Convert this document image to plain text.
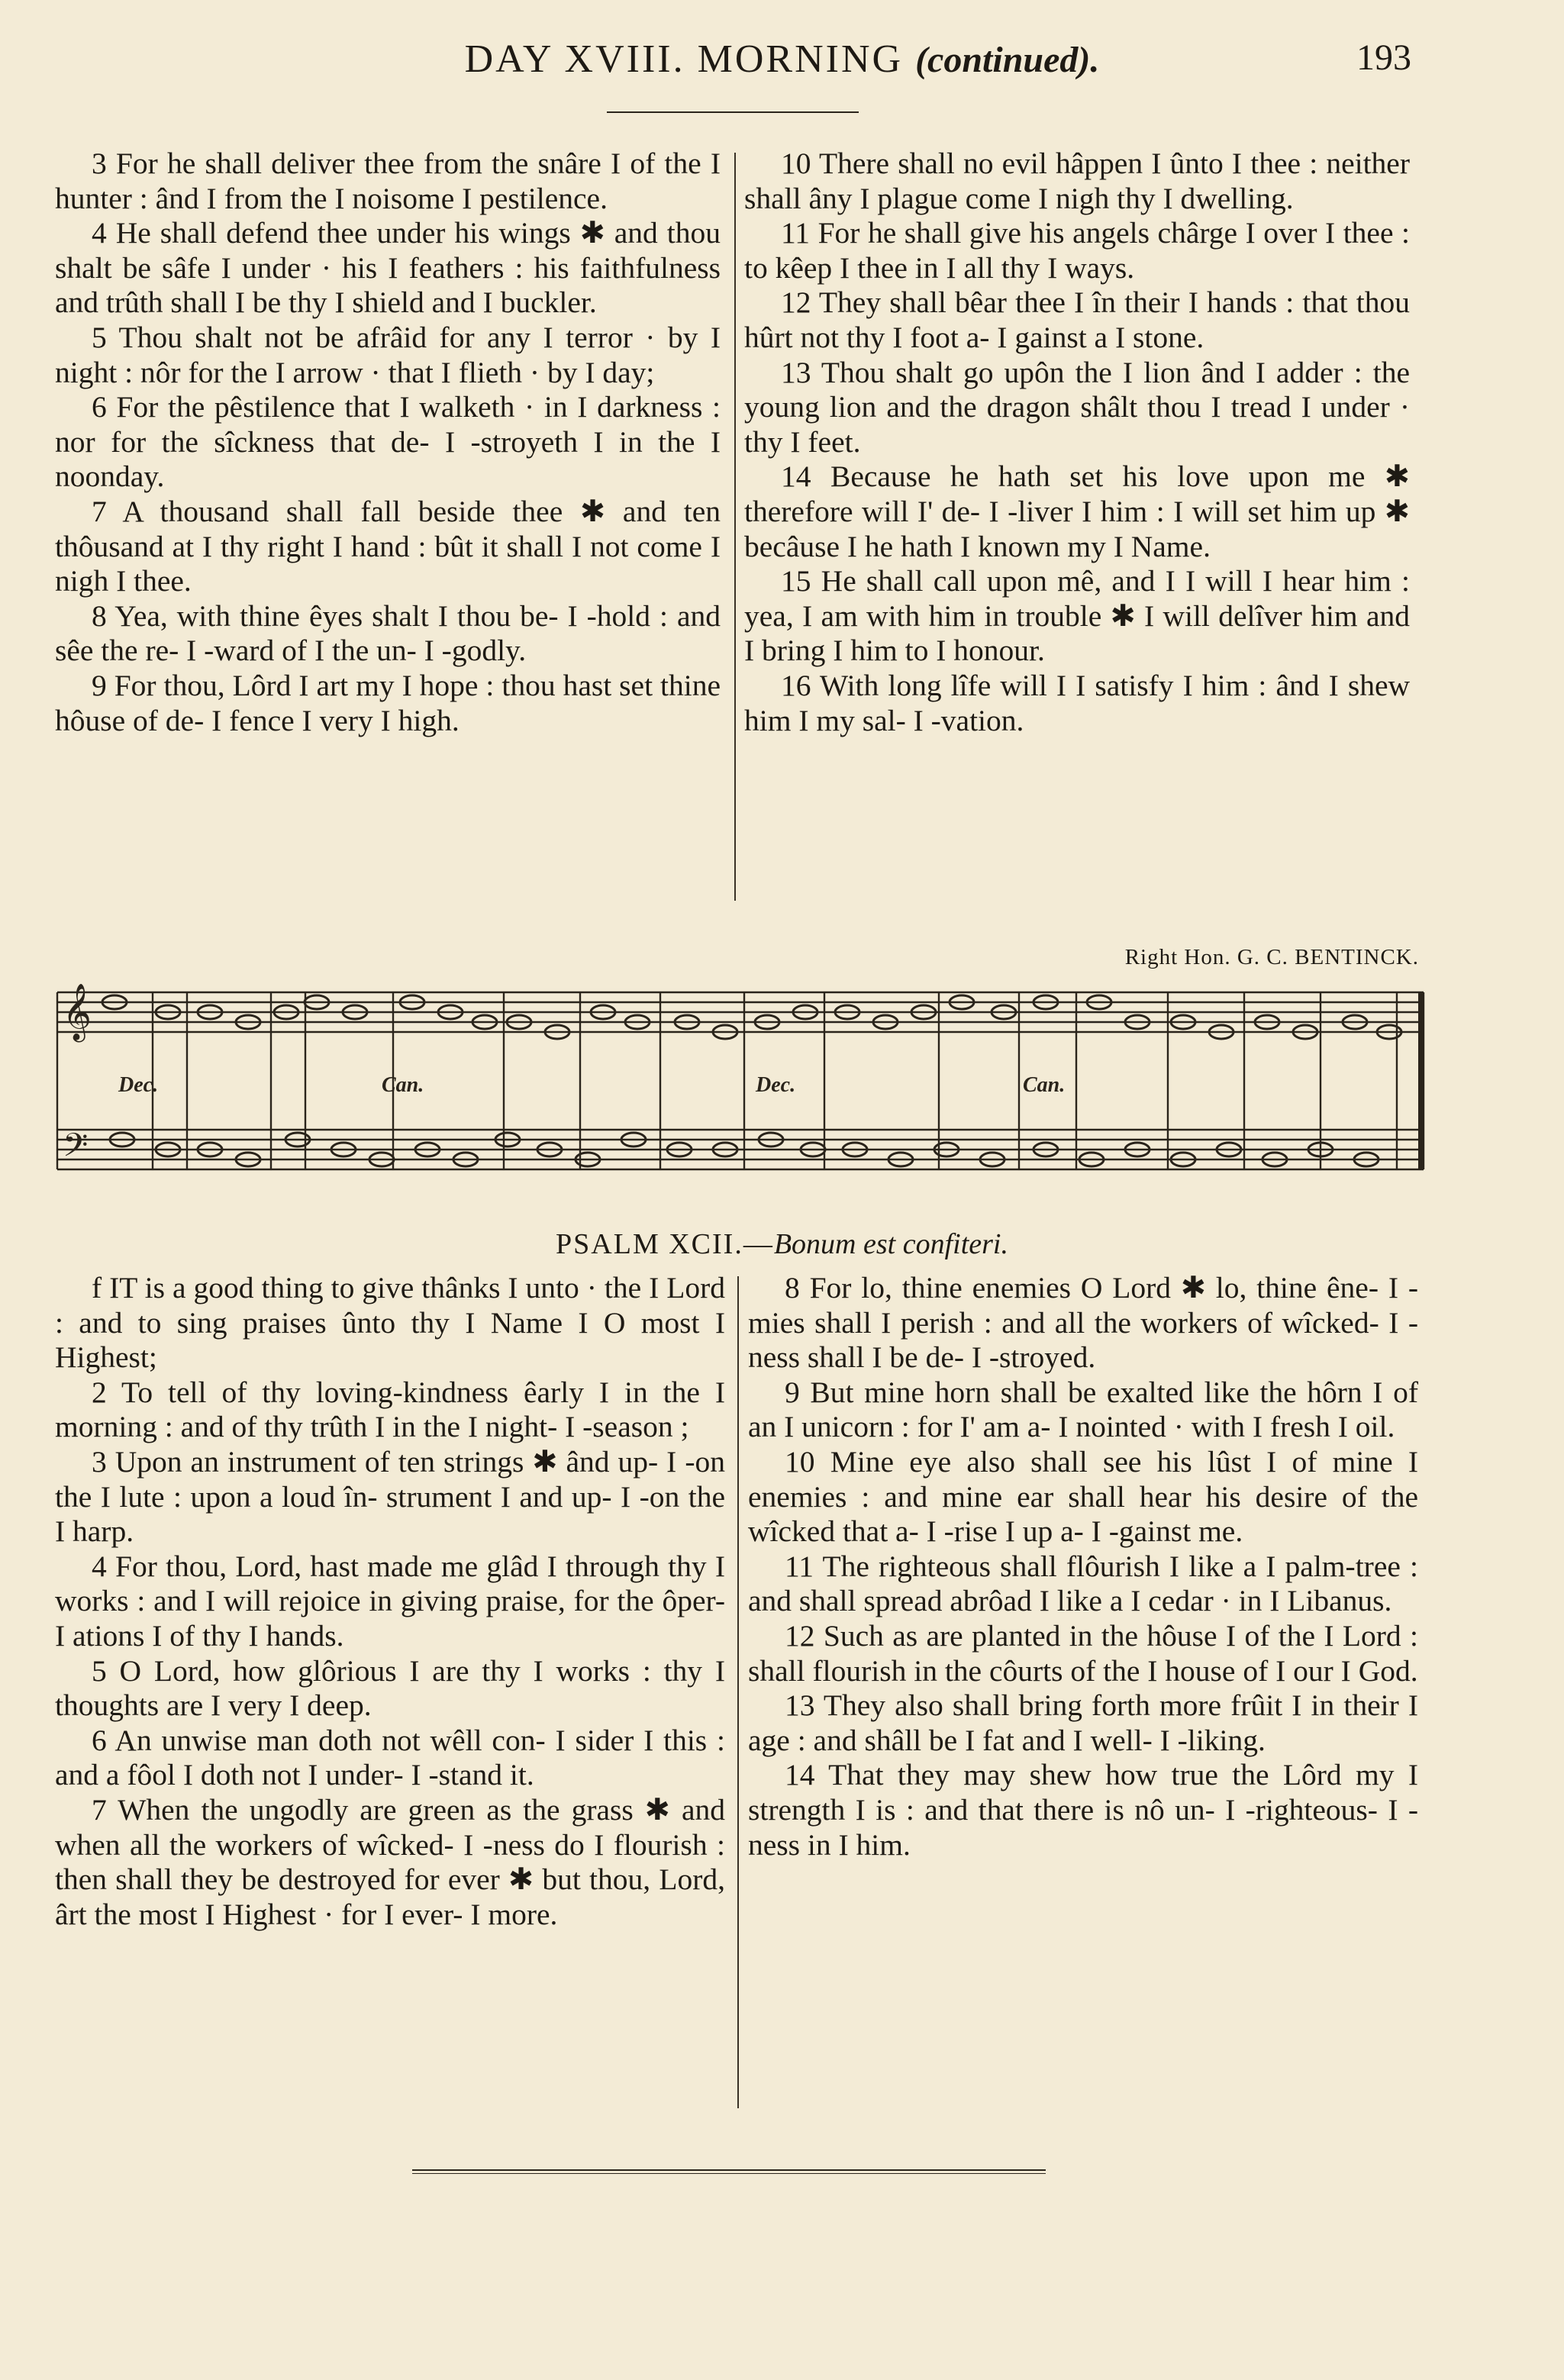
DAY XVIII. MORNING (continued).	193

3 For he shall deliver thee from the snâre I of the I hunter : ând I from the I noisome I pestilence.

4 He shall defend thee under his wings ✱ and thou shalt be sâfe I under · his I feathers : his faithfulness and trûth shall I be thy I shield and I buckler.

5 Thou shalt not be afrâid for any I terror · by I night : nôr for the I arrow · that I flieth · by I day;

6 For the pêstilence that I walketh · in I darkness : nor for the sîckness that de- I -stroyeth I in the I noonday.

7 A thousand shall fall beside thee ✱ and ten thôusand at I thy right I hand : bût it shall I not come I nigh I thee.

8 Yea, with thine êyes shalt I thou be- I -hold : and sêe the re- I -ward of I the un- I -godly.

9 For thou, Lôrd I art my I hope : thou hast set thine hôuse of de- I fence I very I high.

10 There shall no evil hâppen I ûnto I thee : neither shall âny I plague come I nigh thy I dwelling.

11 For he shall give his angels chârge I over I thee : to kêep I thee in I all thy I ways.

12 They shall bêar thee I în their I hands : that thou hûrt not thy I foot a- I gainst a I stone.

13 Thou shalt go upôn the I lion ând I adder : the young lion and the dragon shâlt thou I tread I under · thy I feet.

14 Because he hath set his love upon me ✱ therefore will I' de- I -liver I him : I will set him up ✱ becâuse I he hath I known my I Name.

15 He shall call upon mê, and I I will I hear him : yea, I am with him in trouble ✱ I will delîver him and I bring I him to I honour.

16 With long lîfe will I I satisfy I him : ând I shew him I my sal- I -vation.

Right Hon. G. C. BENTINCK.
𝄞
𝄢
Dec.	Can.	Dec.	Can.
PSALM XCII.—Bonum est confiteri.

f IT is a good thing to give thânks I unto · the I Lord : and to sing praises ûnto thy I Name I O most I Highest;

2 To tell of thy loving-kindness êarly I in the I morning : and of thy trûth I in the I night- I -season ;

3 Upon an instrument of ten strings ✱ ând up- I -on the I lute : upon a loud în- strument I and up- I -on the I harp.

4 For thou, Lord, hast made me glâd I through thy I works : and I will rejoice in giving praise, for the ôper- I ations I of thy I hands.

5 O Lord, how glôrious I are thy I works : thy I thoughts are I very I deep.

6 An unwise man doth not wêll con- I sider I this : and a fôol I doth not I under- I -stand it.

7 When the ungodly are green as the grass ✱ and when all the workers of wîcked- I -ness do I flourish : then shall they be destroyed for ever ✱ but thou, Lord, ârt the most I Highest · for I ever- I more.

8 For lo, thine enemies O Lord ✱ lo, thine êne- I -mies shall I perish : and all the workers of wîcked- I -ness shall I be de- I -stroyed.

9 But mine horn shall be exalted like the hôrn I of an I unicorn : for I' am a- I nointed · with I fresh I oil.

10 Mine eye also shall see his lûst I of mine I enemies : and mine ear shall hear his desire of the wîcked that a- I -rise I up a- I -gainst me.

11 The righteous shall flôurish I like a I palm-tree : and shall spread abrôad I like a I cedar · in I Libanus.

12 Such as are planted in the hôuse I of the I Lord : shall flourish in the côurts of the I house of I our I God.

13 They also shall bring forth more frûit I in their I age : and shâll be I fat and I well- I -liking.

14 That they may shew how true the Lôrd my I strength I is : and that there is nô un- I -righteous- I -ness in I him.
